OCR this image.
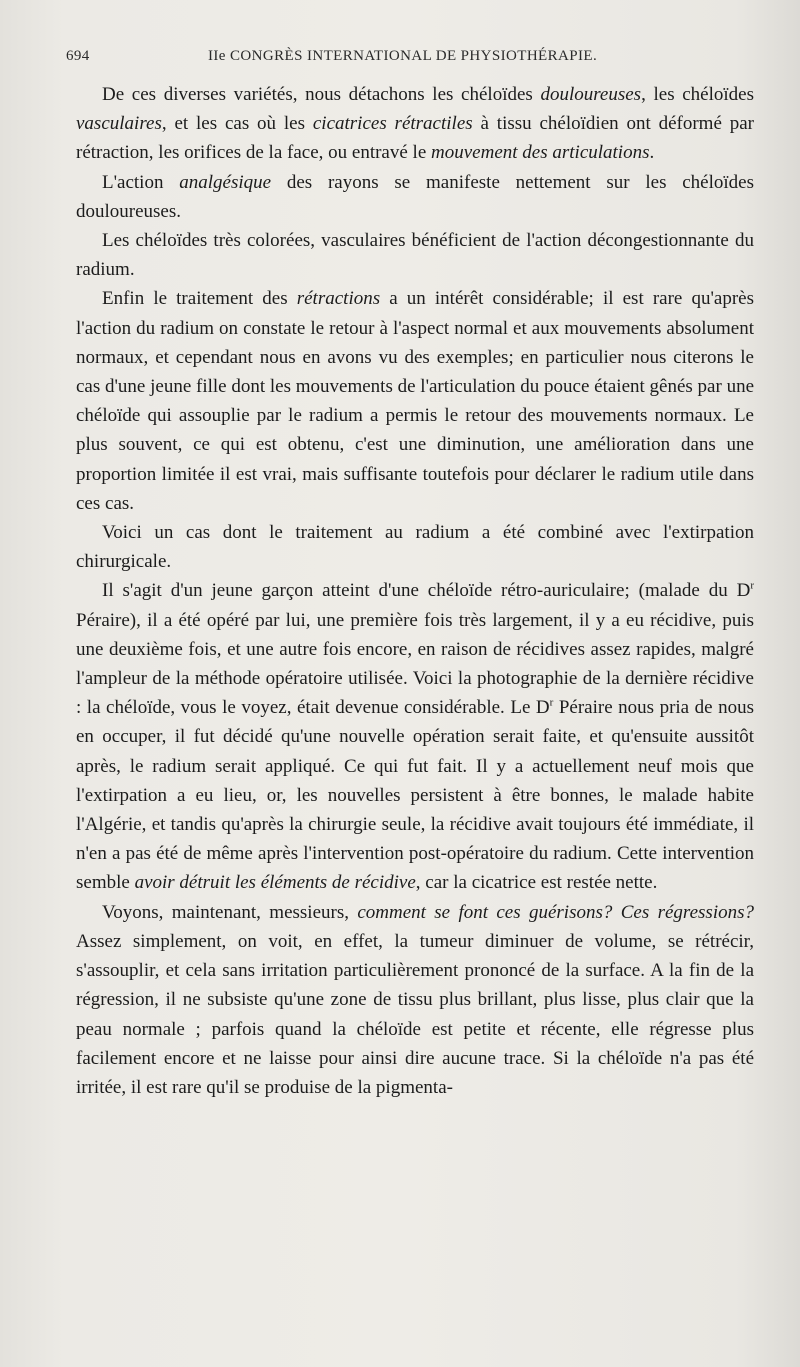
694	IIe CONGRÈS INTERNATIONAL DE PHYSIOTHÉRAPIE.

De ces diverses variétés, nous détachons les chéloïdes douloureuses, les chéloïdes vasculaires, et les cas où les cicatrices rétractiles à tissu chéloïdien ont déformé par rétraction, les orifices de la face, ou entravé le mouvement des articulations.

L'action analgésique des rayons se manifeste nettement sur les chéloïdes douloureuses.

Les chéloïdes très colorées, vasculaires bénéficient de l'action décongestionnante du radium.

Enfin le traitement des rétractions a un intérêt considérable; il est rare qu'après l'action du radium on constate le retour à l'aspect normal et aux mouvements absolument normaux, et cependant nous en avons vu des exemples; en particulier nous citerons le cas d'une jeune fille dont les mouvements de l'articulation du pouce étaient gênés par une chéloïde qui assouplie par le radium a permis le retour des mouvements normaux. Le plus souvent, ce qui est obtenu, c'est une diminution, une amélioration dans une proportion limitée il est vrai, mais suffisante toutefois pour déclarer le radium utile dans ces cas.

Voici un cas dont le traitement au radium a été combiné avec l'extirpation chirurgicale.

Il s'agit d'un jeune garçon atteint d'une chéloïde rétro-auriculaire; (malade du $D^r$ Péraire), il a été opéré par lui, une première fois très largement, il y a eu récidive, puis une deuxième fois, et une autre fois encore, en raison de récidives assez rapides, malgré l'ampleur de la méthode opératoire utilisée. Voici la photographie de la dernière récidive : la chéloïde, vous le voyez, était devenue considérable. Le $D^r$ Péraire nous pria de nous en occuper, il fut décidé qu'une nouvelle opération serait faite, et qu'ensuite aussitôt après, le radium serait appliqué. Ce qui fut fait. Il y a actuellement neuf mois que l'extirpation a eu lieu, or, les nouvelles persistent à être bonnes, le malade habite l'Algérie, et tandis qu'après la chirurgie seule, la récidive avait toujours été immédiate, il n'en a pas été de même après l'intervention post-opératoire du radium. Cette intervention semble avoir détruit les éléments de récidive, car la cicatrice est restée nette.

Voyons, maintenant, messieurs, comment se font ces guérisons? Ces régressions? Assez simplement, on voit, en effet, la tumeur diminuer de volume, se rétrécir, s'assouplir, et cela sans irritation particulièrement prononcé de la surface. A la fin de la régression, il ne subsiste qu'une zone de tissu plus brillant, plus lisse, plus clair que la peau normale ; parfois quand la chéloïde est petite et récente, elle régresse plus facilement encore et ne laisse pour ainsi dire aucune trace. Si la chéloïde n'a pas été irritée, il est rare qu'il se produise de la pigmenta-
